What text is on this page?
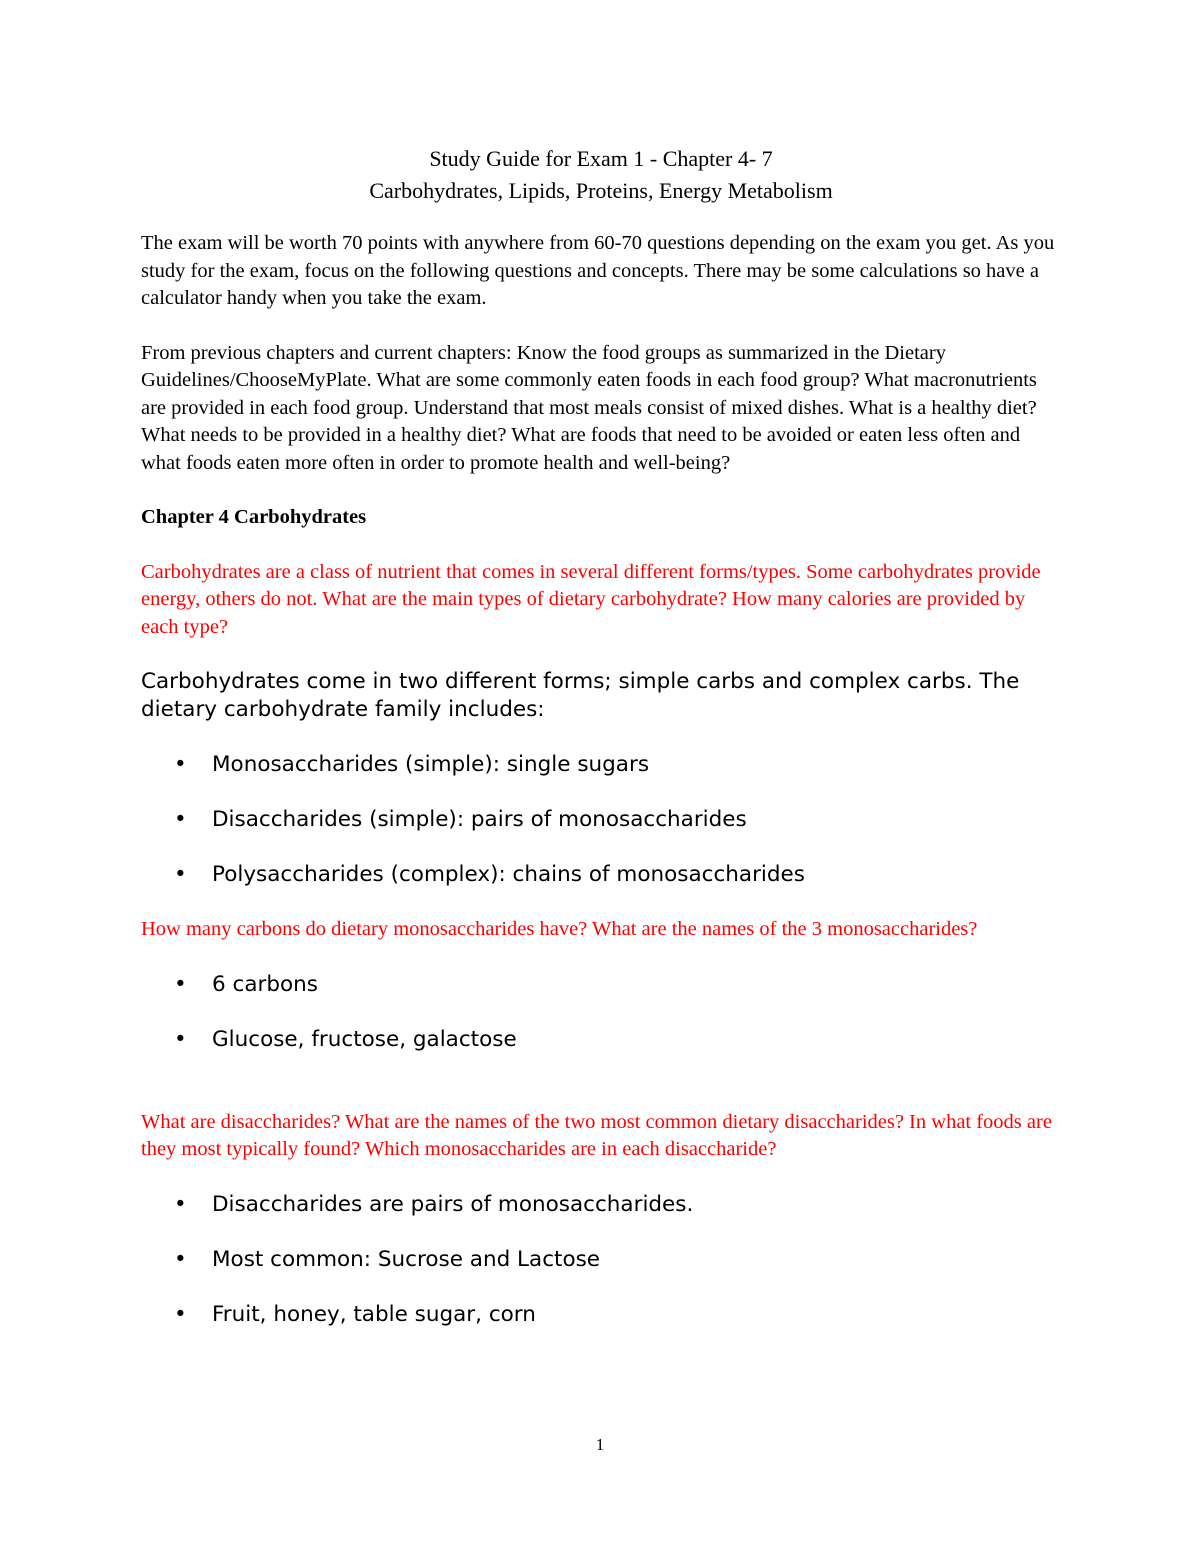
Study Guide for Exam 1 - Chapter 4- 7

Carbohydrates, Lipids, Proteins, Energy Metabolism

The exam will be worth 70 points with anywhere from 60-70 questions depending on the exam you get. As you study for the exam, focus on the following questions and concepts. There may be some calculations so have a calculator handy when you take the exam.

From previous chapters and current chapters: Know the food groups as summarized in the Dietary Guidelines/ChooseMyPlate. What are some commonly eaten foods in each food group? What macronutrients are provided in each food group. Understand that most meals consist of mixed dishes. What is a healthy diet? What needs to be provided in a healthy diet? What are foods that need to be avoided or eaten less often and what foods eaten more often in order to promote health and well-being?

Chapter 4 Carbohydrates

Carbohydrates are a class of nutrient that comes in several different forms/types. Some carbohydrates provide energy, others do not. What are the main types of dietary carbohydrate? How many calories are provided by each type?

Carbohydrates come in two different forms; simple carbs and complex carbs. The dietary carbohydrate family includes:

• Monosaccharides (simple): single sugars
• Disaccharides (simple): pairs of monosaccharides
• Polysaccharides (complex): chains of monosaccharides

How many carbons do dietary monosaccharides have? What are the names of the 3 monosaccharides?

• 6 carbons
• Glucose, fructose, galactose

What are disaccharides? What are the names of the two most common dietary disaccharides? In what foods are they most typically found? Which monosaccharides are in each disaccharide?

• Disaccharides are pairs of monosaccharides.
• Most common: Sucrose and Lactose
• Fruit, honey, table sugar, corn
1
